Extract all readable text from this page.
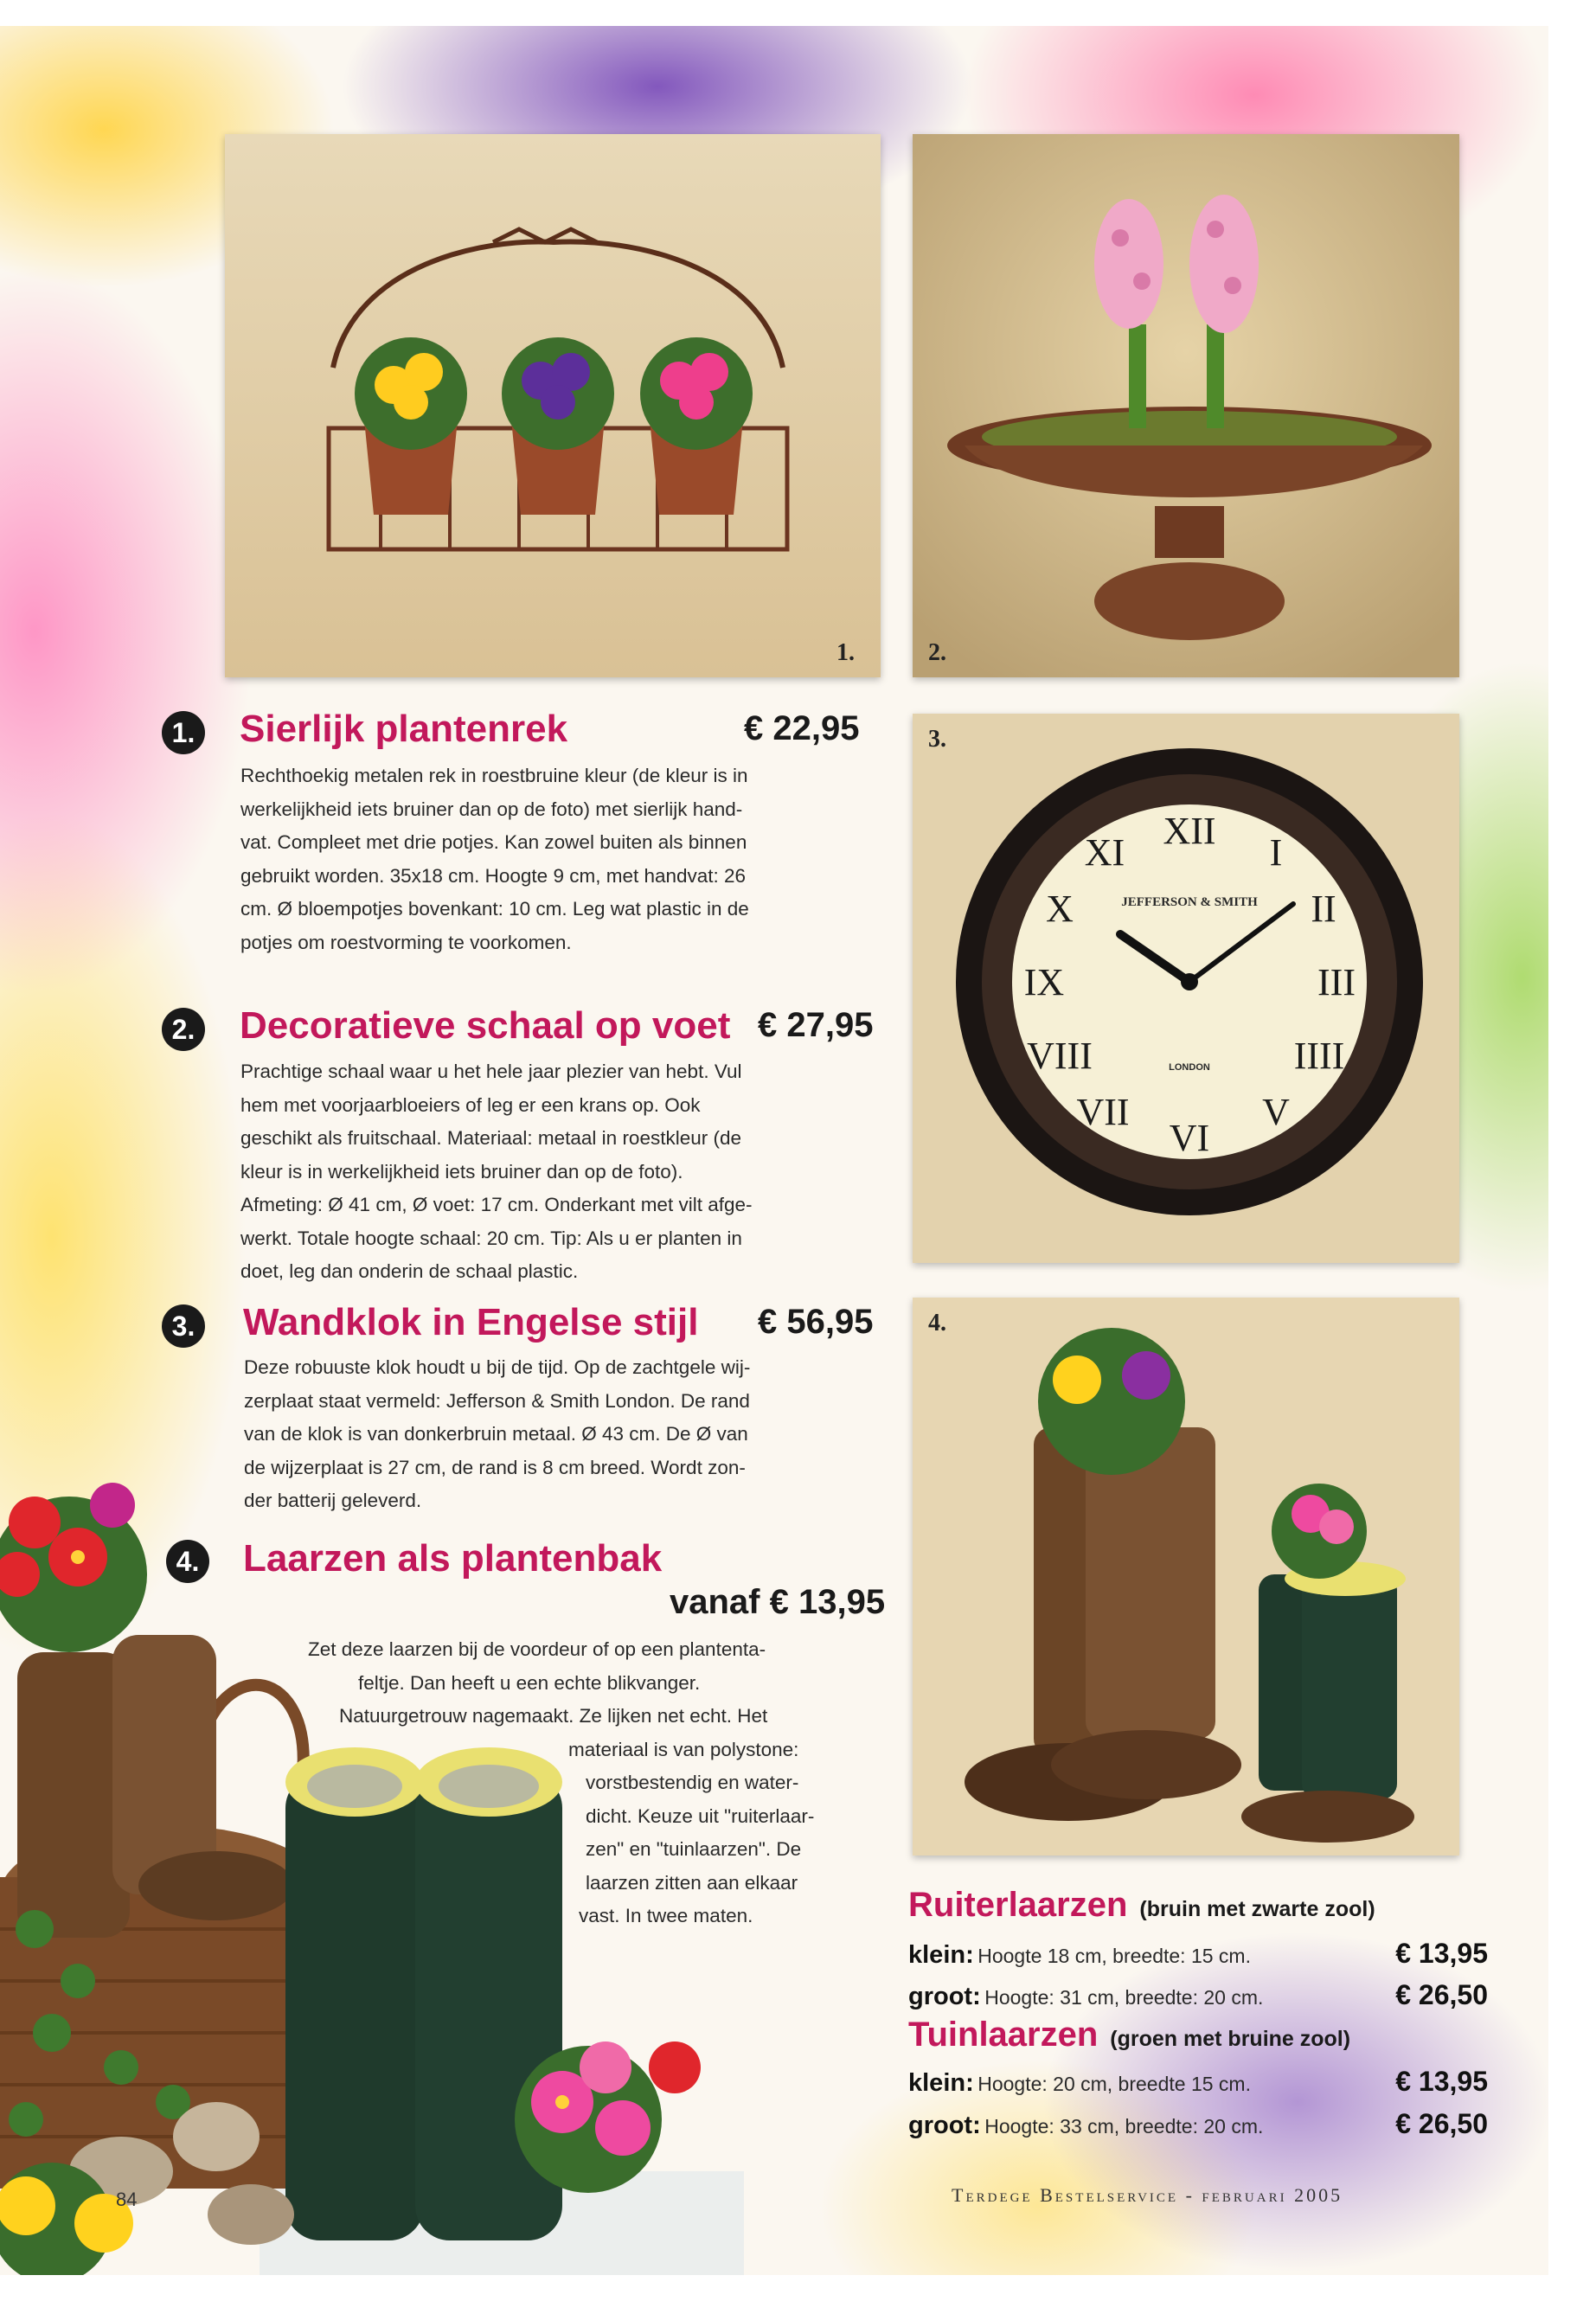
1.	2.
XII
I
II
III
IIII
V
VI
VII
VIII
IX
X
XI
JEFFERSON & SMITH
LONDON
3.
4.
1. Sierlijk plantenrek	€ 22,95
Rechthoekig metalen rek in roestbruine kleur (de kleur is in
werkelijkheid iets bruiner dan op de foto) met sierlijk hand-
vat. Compleet met drie potjes. Kan zowel buiten als binnen
gebruikt worden. 35x18 cm. Hoogte 9 cm, met handvat: 26
cm. Ø bloempotjes bovenkant: 10 cm. Leg wat plastic in de
potjes om roestvorming te voorkomen.
2. Decoratieve schaal op voet € 27,95
Prachtige schaal waar u het hele jaar plezier van hebt. Vul
hem met voorjaarbloeiers of leg er een krans op. Ook
geschikt als fruitschaal. Materiaal: metaal in roestkleur (de
kleur is in werkelijkheid iets bruiner dan op de foto).
Afmeting: Ø 41 cm, Ø voet: 17 cm. Onderkant met vilt afge-
werkt. Totale hoogte schaal: 20 cm. Tip: Als u er planten in
doet, leg dan onderin de schaal plastic.
3. Wandklok in Engelse stijl € 56,95
Deze robuuste klok houdt u bij de tijd. Op de zachtgele wij-
zerplaat staat vermeld: Jefferson & Smith London. De rand
van de klok is van donkerbruin metaal. Ø 43 cm. De Ø van
de wijzerplaat is 27 cm, de rand is 8 cm breed. Wordt zon-
der batterij geleverd.
4. Laarzen als plantenbak
vanaf € 13,95
Zet deze laarzen bij de voordeur of op een plantenta-
feltje. Dan heeft u een echte blikvanger.
Natuurgetrouw nagemaakt. Ze lijken net echt. Het
materiaal is van polystone:
vorstbestendig en water-
dicht. Keuze uit "ruiterlaar-
zen" en "tuinlaarzen". De
laarzen zitten aan elkaar
vast. In twee maten.	Ruiterlaarzen (bruin met zwarte zool)
klein: Hoogte 18 cm, breedte: 15 cm.	€ 13,95
groot: Hoogte: 31 cm, breedte: 20 cm.	€ 26,50
Tuinlaarzen (groen met bruine zool)
klein: Hoogte: 20 cm, breedte 15 cm.	€ 13,95
groot: Hoogte: 33 cm, breedte: 20 cm.	€ 26,50
84	Terdege Bestelservice - februari 2005
